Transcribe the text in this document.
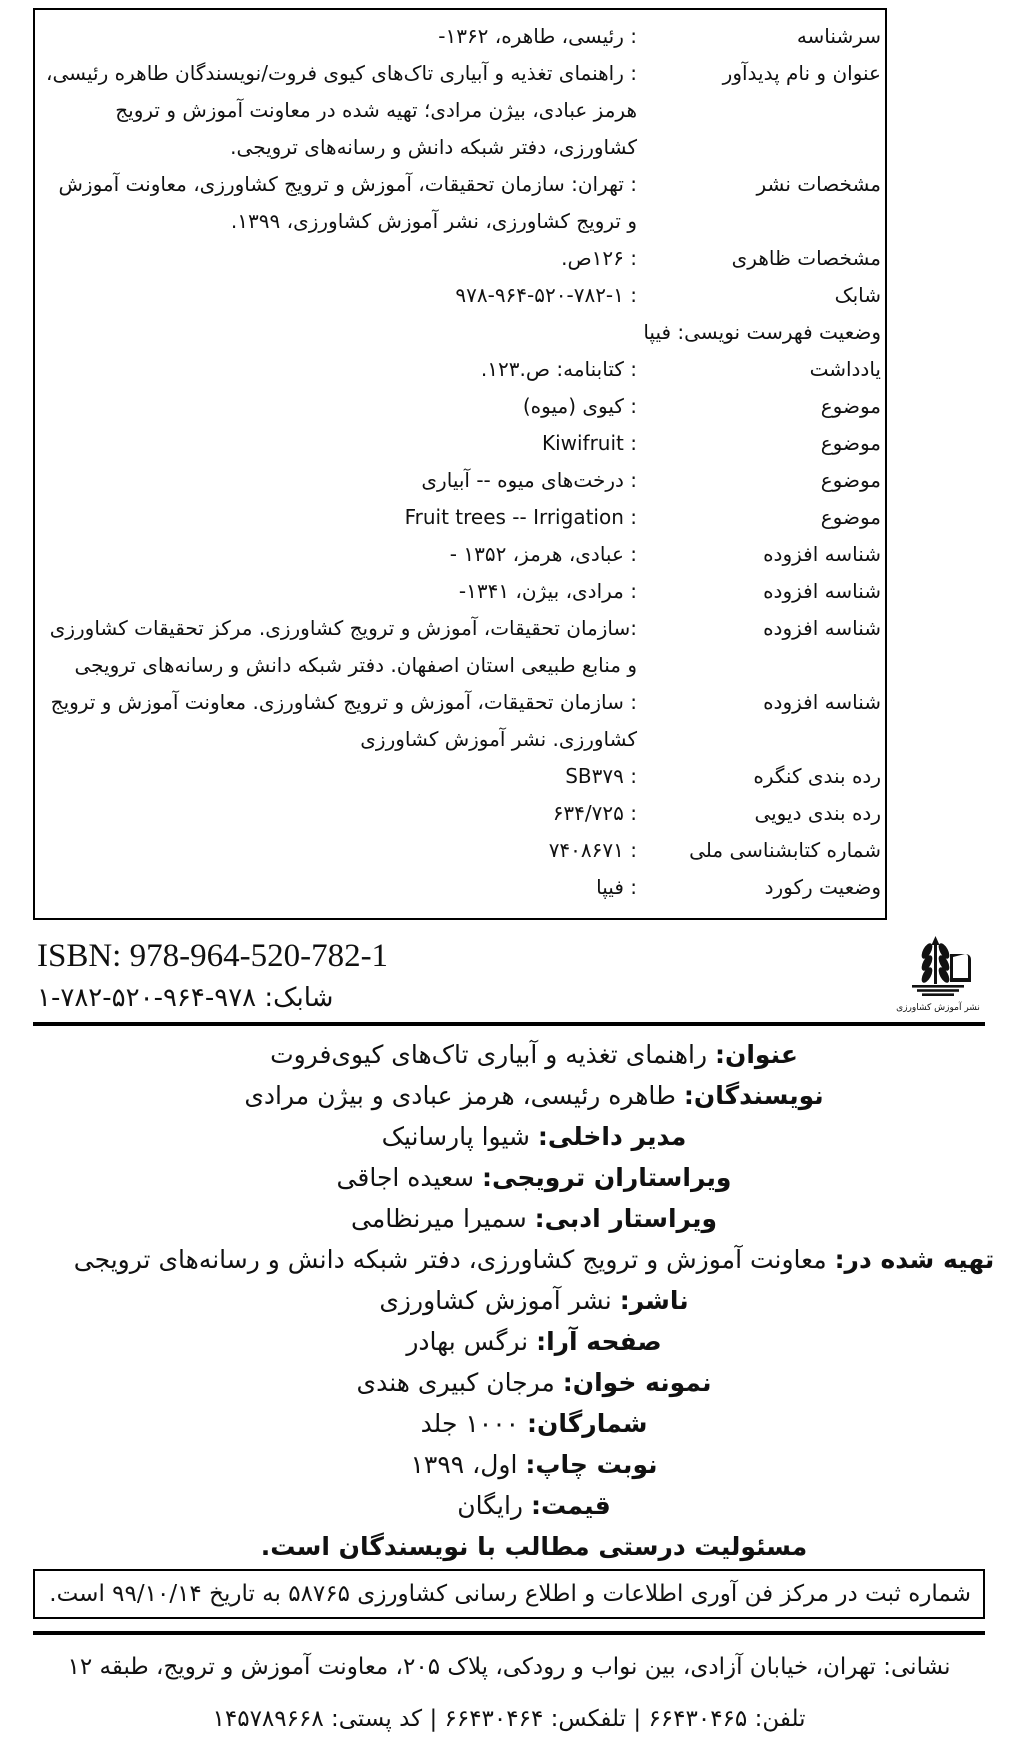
سرشناسه
: رئیسی، طاهره، ۱۳۶۲-
عنوان و نام پدیدآور
: راهنمای تغذیه و آبیاری تاک‌های کیوی فروت/نویسندگان طاهره رئیسی، هرمز عبادی، بیژن مرادی؛ تهیه شده در معاونت آموزش و ترویج کشاورزی، دفتر شبکه دانش و رسانه‌های ترویجی.
مشخصات نشر
: تهران: سازمان تحقیقات، آموزش و ترویج کشاورزی، معاونت آموزش و ترویج کشاورزی، نشر آموزش کشاورزی، ۱۳۹۹.
مشخصات ظاهری
: ۱۲۶ص.
شابک
: ۹۷۸-۹۶۴-۵۲۰-۷۸۲-۱
وضعیت فهرست نویسی: فیپا
یادداشت
: کتابنامه: ص.۱۲۳.
موضوع
: کیوی (میوه)
موضوع
: Kiwifruit
موضوع
: درخت‌های میوه -- آبیاری
موضوع
: Fruit trees -- Irrigation
شناسه افزوده
: عبادی، هرمز، ۱۳۵۲ -
شناسه افزوده
: مرادی، بیژن، ۱۳۴۱-
شناسه افزوده
:سازمان تحقیقات، آموزش و ترویج کشاورزی. مرکز تحقیقات کشاورزی و منابع طبیعی استان اصفهان. دفتر شبکه دانش و رسانه‌های ترویجی
شناسه افزوده
: سازمان تحقیقات، آموزش و ترویج کشاورزی. معاونت آموزش و ترویج کشاورزی. نشر آموزش کشاورزی
رده بندی کنگره
: SB۳۷۹
رده بندی دیویی
: ۶۳۴/۷۲۵
شماره کتابشناسی ملی
: ۷۴۰۸۶۷۱
وضعیت رکورد
: فیپا
ISBN: 978-964-520-782-1
شابک: ۹۷۸-۹۶۴-۵۲۰-۷۸۲-۱	نشر آموزش کشاورزی
عنوان: راهنمای تغذیه و آبیاری تاک‌های کیوی‌فروت
نویسندگان: طاهره رئیسی، هرمز عبادی و بیژن مرادی
مدیر داخلی: شیوا پارسانیک
ویراستاران ترویجی: سعیده اجاقی
ویراستار ادبی: سمیرا میرنظامی
تهیه شده در: معاونت آموزش و ترویج کشاورزی، دفتر شبکه دانش و رسانه‌های ترویجی
ناشر: نشر آموزش کشاورزی
صفحه آرا: نرگس بهادر
نمونه خوان: مرجان کبیری هندی
شمارگان: ۱۰۰۰ جلد
نوبت چاپ: اول، ۱۳۹۹
قیمت: رایگان
مسئولیت درستی مطالب با نویسندگان است.
شماره ثبت در مرکز فن آوری اطلاعات و اطلاع رسانی کشاورزی ۵۸۷۶۵ به تاریخ ۹۹/۱۰/۱۴ است.
نشانی: تهران، خیابان آزادی، بین نواب و رودکی، پلاک ۲۰۵، معاونت آموزش و ترویج، طبقه ۱۲
تلفن: ۶۶۴۳۰۴۶۵ | تلفکس: ۶۶۴۳۰۴۶۴ | کد پستی: ۱۴۵۷۸۹۶۶۸
